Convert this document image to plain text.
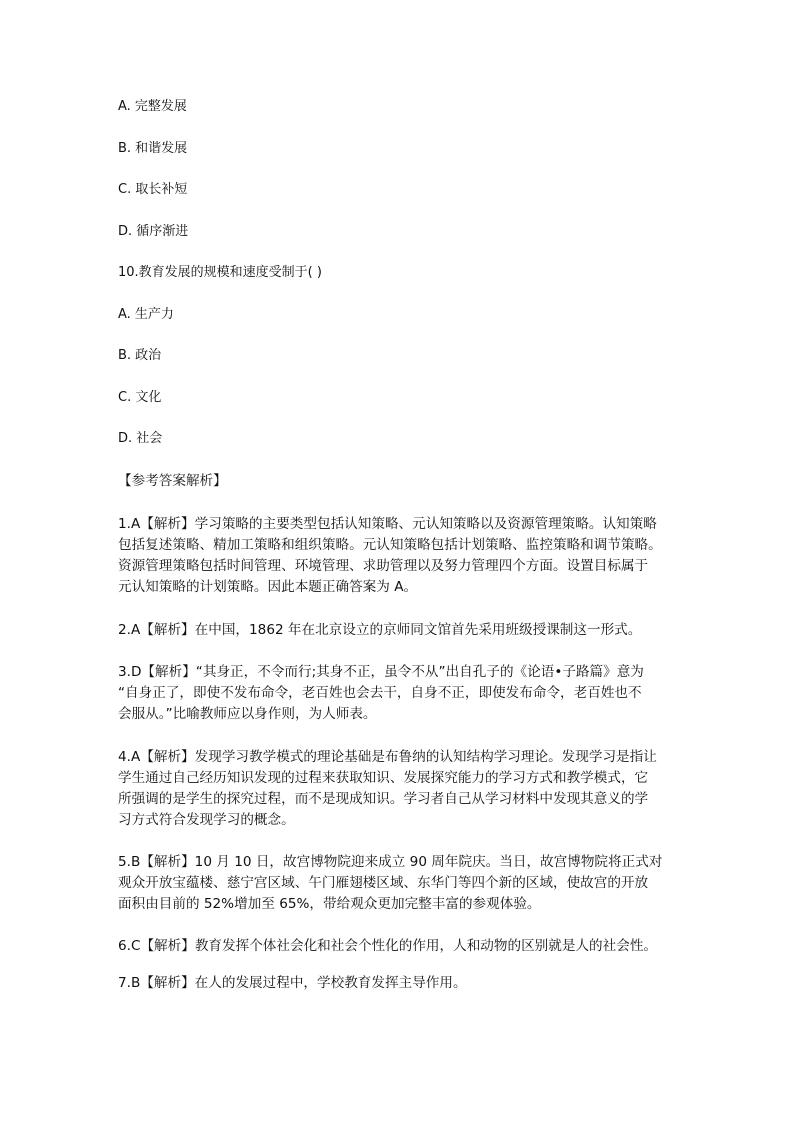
A. 完整发展
B. 和谐发展
C. 取长补短
D. 循序渐进
10.教育发展的规模和速度受制于( )
A. 生产力
B. 政治
C. 文化
D. 社会
【参考答案解析】
1.A【解析】学习策略的主要类型包括认知策略、元认知策略以及资源管理策略。认知策略
包括复述策略、精加工策略和组织策略。元认知策略包括计划策略、监控策略和调节策略。
资源管理策略包括时间管理、环境管理、求助管理以及努力管理四个方面。设置目标属于
元认知策略的计划策略。因此本题正确答案为 A。
2.A【解析】在中国，1862 年在北京设立的京师同文馆首先采用班级授课制这一形式。
3.D【解析】“其身正，不令而行;其身不正，虽令不从”出自孔子的《论语•子路篇》意为
“自身正了，即使不发布命令，老百姓也会去干，自身不正，即使发布命令，老百姓也不
会服从。”比喻教师应以身作则，为人师表。
4.A【解析】发现学习教学模式的理论基础是布鲁纳的认知结构学习理论。发现学习是指让
学生通过自己经历知识发现的过程来获取知识、发展探究能力的学习方式和教学模式，它
所强调的是学生的探究过程，而不是现成知识。学习者自己从学习材料中发现其意义的学
习方式符合发现学习的概念。
5.B【解析】10 月 10 日，故宫博物院迎来成立 90 周年院庆。当日，故宫博物院将正式对
观众开放宝蕴楼、慈宁宫区域、午门雁翅楼区域、东华门等四个新的区域，使故宫的开放
面积由目前的 52%增加至 65%，带给观众更加完整丰富的参观体验。
6.C【解析】教育发挥个体社会化和社会个性化的作用，人和动物的区别就是人的社会性。
7.B【解析】在人的发展过程中，学校教育发挥主导作用。
